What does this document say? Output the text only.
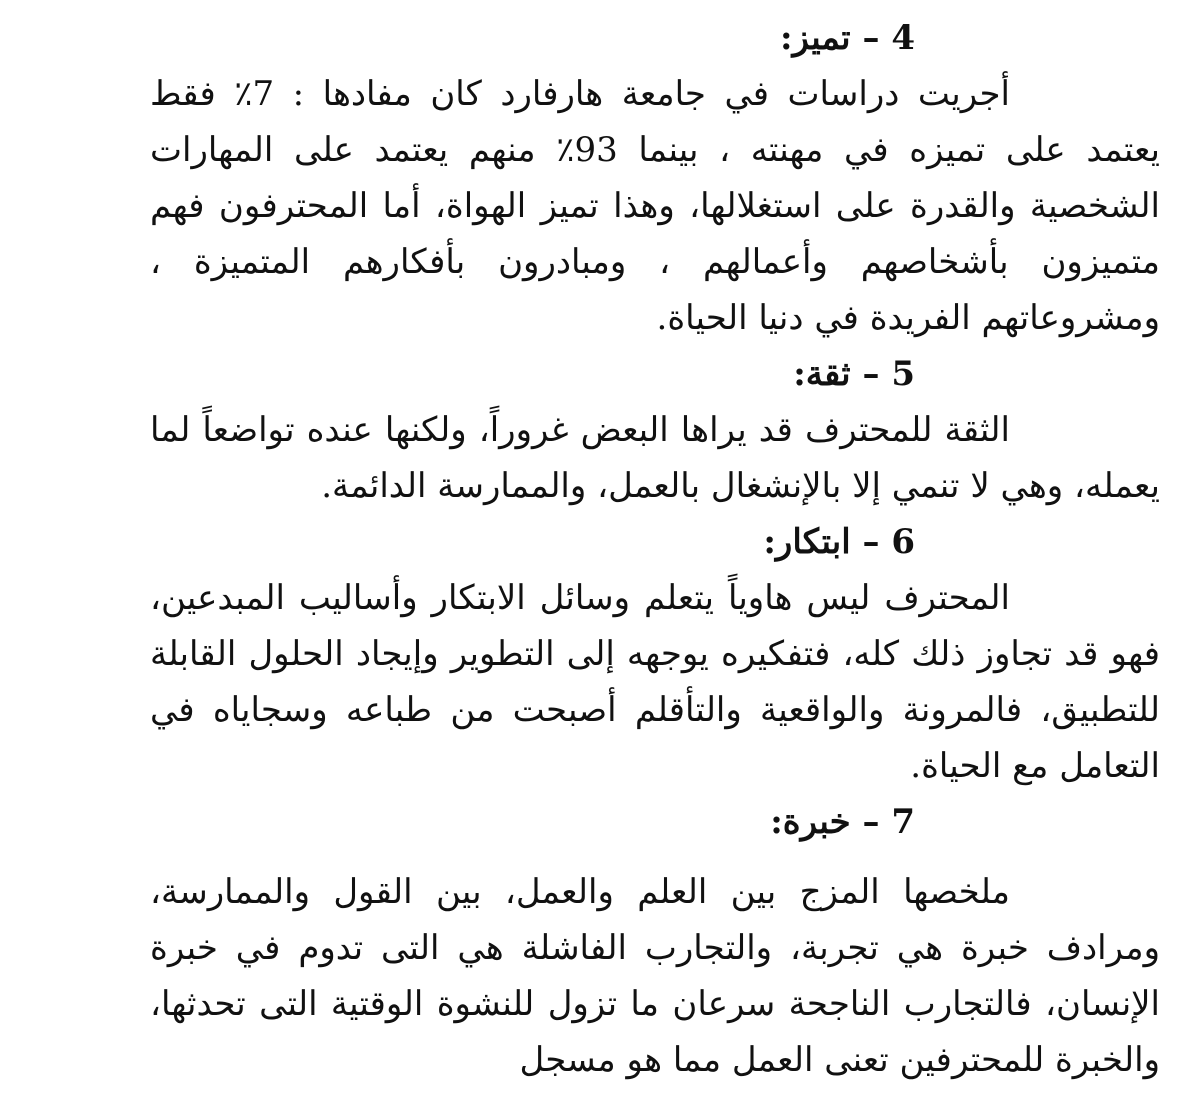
4 – تميز:

أجريت دراسات في جامعة هارفارد كان مفادها : 7٪ فقط يعتمد على تميزه في مهنته ، بينما 93٪ منهم يعتمد على المهارات الشخصية والقدرة على استغلالها، وهذا تميز الهواة، أما المحترفون فهم متميزون بأشخاصهم وأعمالهم ، ومبادرون بأفكارهم المتميزة ، ومشروعاتهم الفريدة في دنيا الحياة.

5 – ثقة:

الثقة للمحترف قد يراها البعض غروراً، ولكنها عنده تواضعاً لما يعمله، وهي لا تنمي إلا بالإنشغال بالعمل، والممارسة الدائمة.

6 – ابتكار:

المحترف ليس هاوياً يتعلم وسائل الابتكار وأساليب المبدعين، فهو قد تجاوز ذلك كله، فتفكيره يوجهه إلى التطوير وإيجاد الحلول القابلة للتطبيق، فالمرونة والواقعية والتأقلم أصبحت من طباعه وسجاياه في التعامل مع الحياة.

7 – خبرة:

ملخصها المزج بين العلم والعمل، بين القول والممارسة، ومرادف خبرة هي تجربة، والتجارب الفاشلة هي التى تدوم في خبرة الإنسان، فالتجارب الناجحة سرعان ما تزول للنشوة الوقتية التى تحدثها، والخبرة للمحترفين تعنى العمل مما هو مسجل
